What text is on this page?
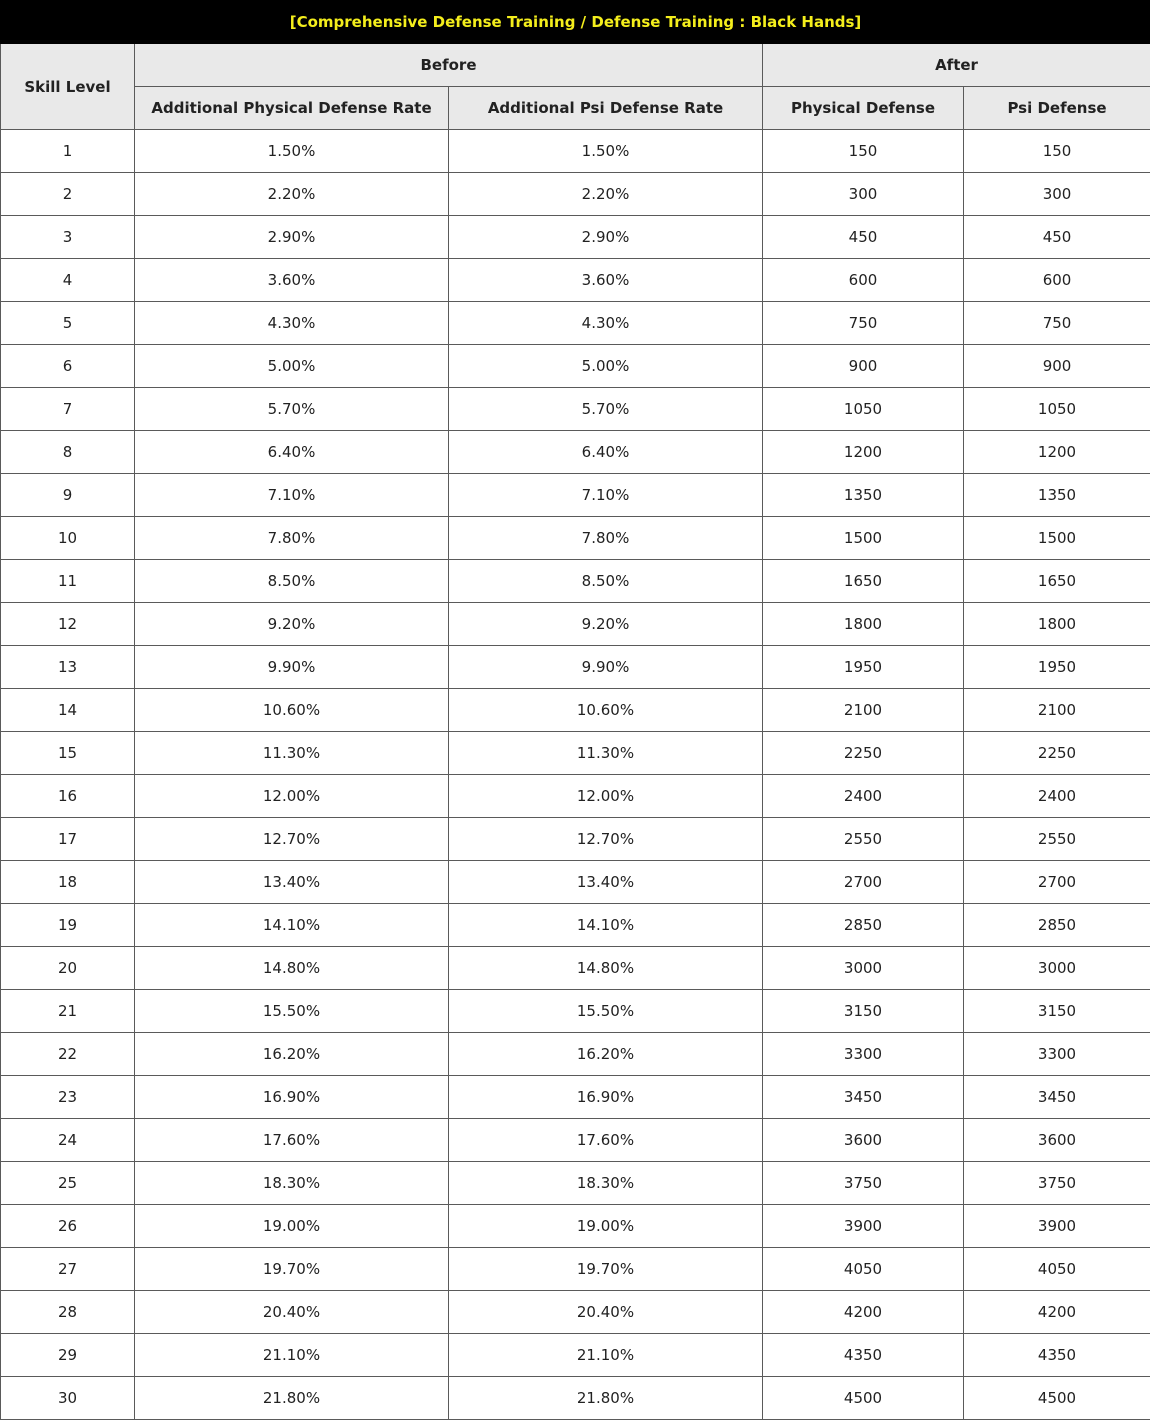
[Comprehensive Defense Training / Defense Training : Black Hands]				
Skill Level	Before		After	
	Additional Physical Defense Rate	Additional Psi Defense Rate	Physical Defense	Psi Defense
1	1.50%	1.50%	150	150
2	2.20%	2.20%	300	300
3	2.90%	2.90%	450	450
4	3.60%	3.60%	600	600
5	4.30%	4.30%	750	750
6	5.00%	5.00%	900	900
7	5.70%	5.70%	1050	1050
8	6.40%	6.40%	1200	1200
9	7.10%	7.10%	1350	1350
10	7.80%	7.80%	1500	1500
11	8.50%	8.50%	1650	1650
12	9.20%	9.20%	1800	1800
13	9.90%	9.90%	1950	1950
14	10.60%	10.60%	2100	2100
15	11.30%	11.30%	2250	2250
16	12.00%	12.00%	2400	2400
17	12.70%	12.70%	2550	2550
18	13.40%	13.40%	2700	2700
19	14.10%	14.10%	2850	2850
20	14.80%	14.80%	3000	3000
21	15.50%	15.50%	3150	3150
22	16.20%	16.20%	3300	3300
23	16.90%	16.90%	3450	3450
24	17.60%	17.60%	3600	3600
25	18.30%	18.30%	3750	3750
26	19.00%	19.00%	3900	3900
27	19.70%	19.70%	4050	4050
28	20.40%	20.40%	4200	4200
29	21.10%	21.10%	4350	4350
30	21.80%	21.80%	4500	4500
